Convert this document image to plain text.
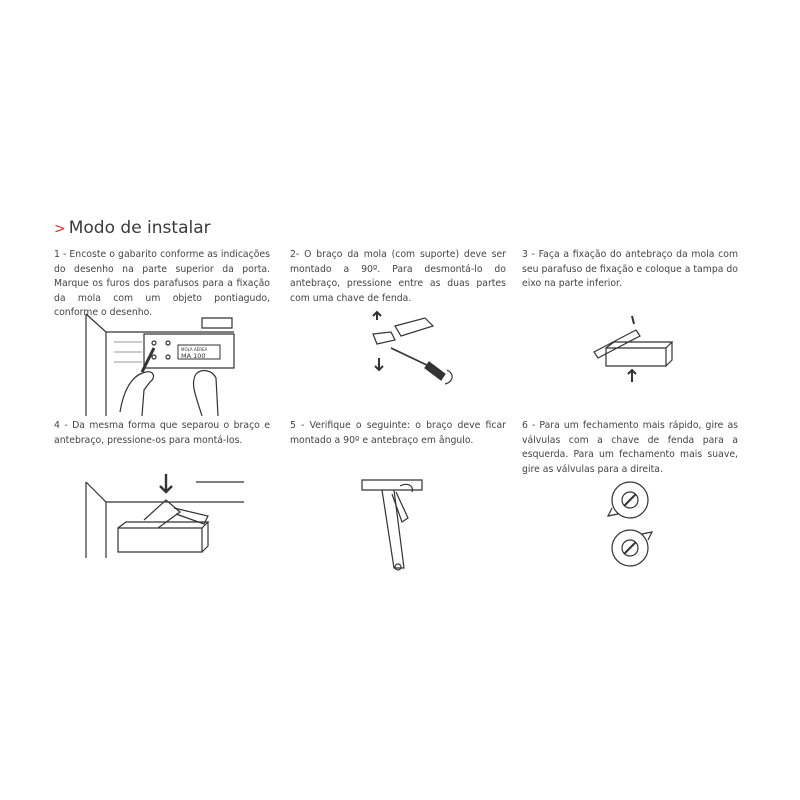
> Modo de instalar
1 - Encoste o gabarito conforme as indicações do desenho na parte superior da porta. Marque os furos dos parafusos para a fixação da mola com um objeto pontiagudo, conforme o desenho.
2- O braço da mola (com suporte) deve ser montado a 90º. Para desmontá-lo do antebraço, pressione entre as duas partes com uma chave de fenda.
3 - Faça a fixação do antebraço da mola com seu parafuso de fixação e coloque a tampa do eixo na parte inferior.
4 - Da mesma forma que separou o braço e antebraço, pressione-os para montá-los.
5 - Verifique o seguinte: o braço deve ficar montado a 90º e antebraço em ângulo.
6 - Para um fechamento mais rápido, gire as válvulas com a chave de fenda para a esquerda. Para um fechamento mais suave, gire as válvulas para a direita.
MOLA AÉREA
MA 100
